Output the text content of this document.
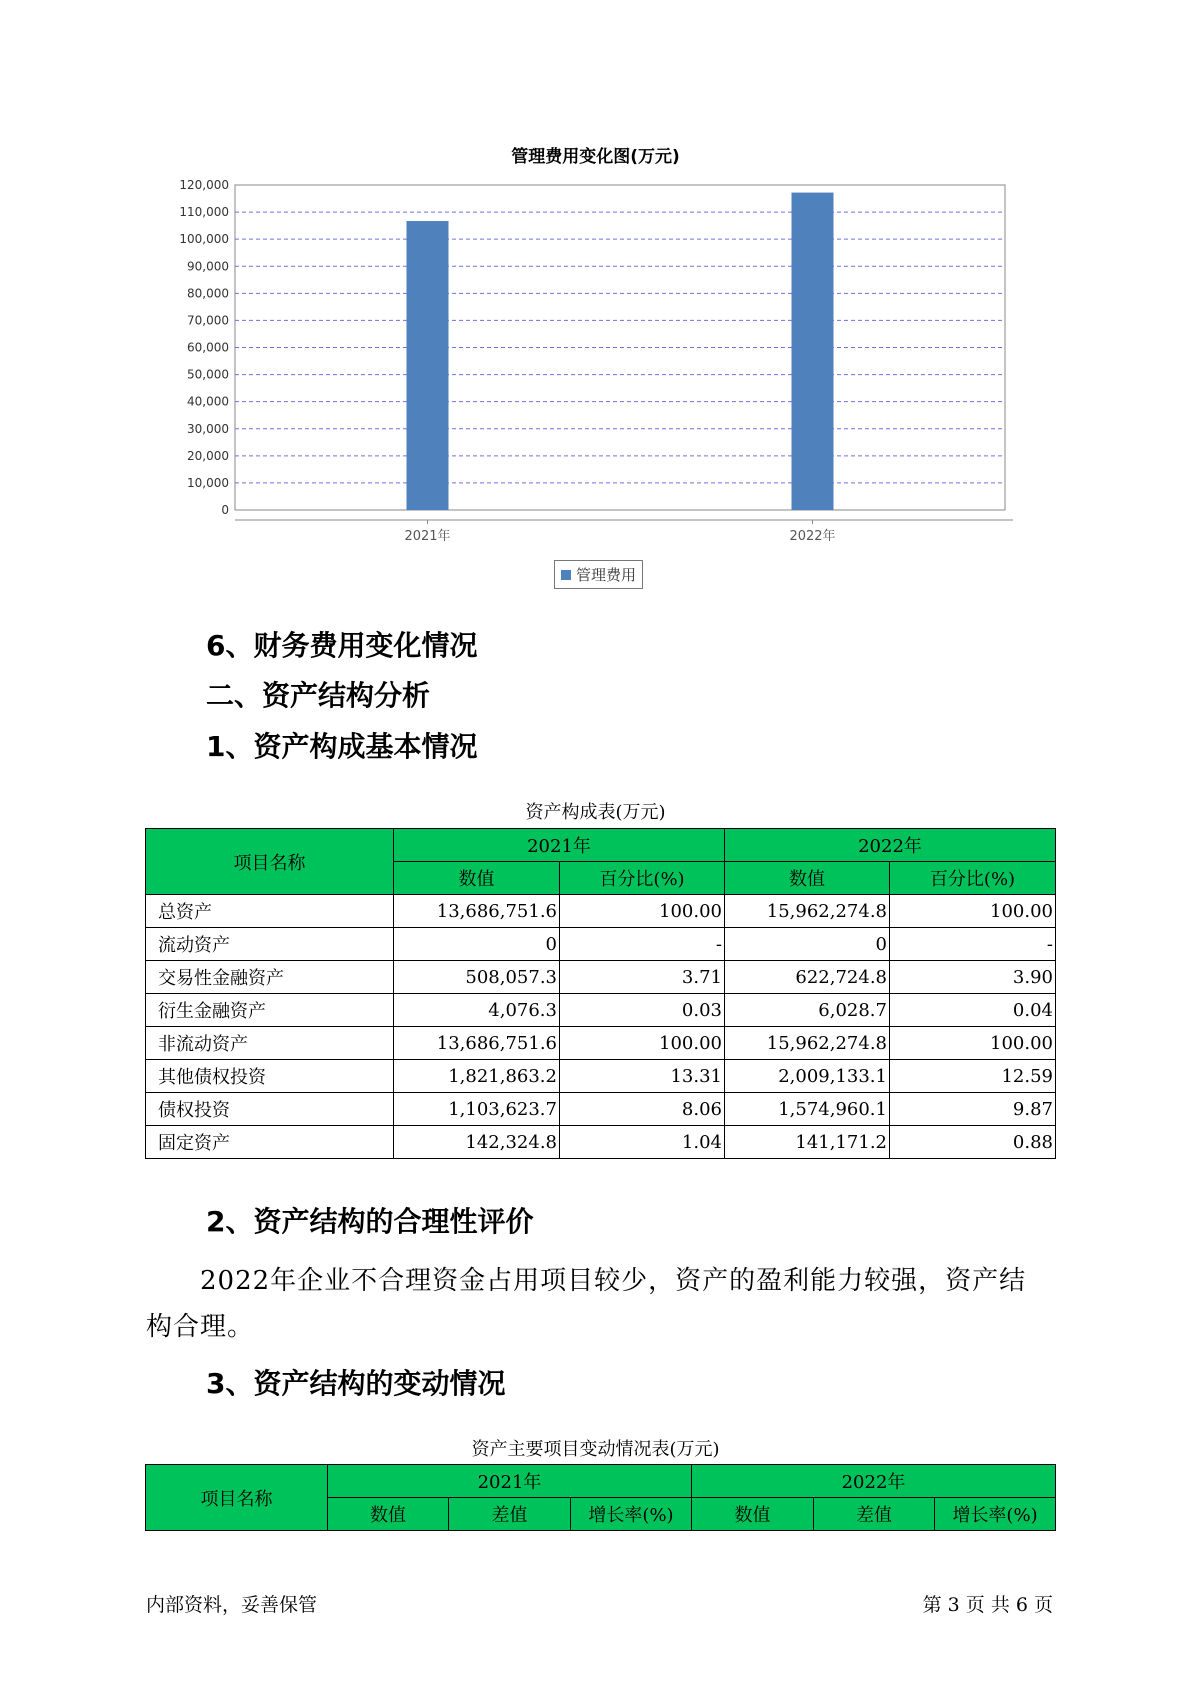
管理费用变化图(万元)
0
10,000
20,000
30,000
40,000
50,000
60,000
70,000
80,000
90,000
100,000
110,000
120,000
2021年	2022年
管理费用
6、财务费用变化情况
二、资产结构分析
1、资产构成基本情况
资产构成表(万元)
项目名称	2021年		2022年	
	数值	百分比(%)	数值	百分比(%)
总资产	13,686,751.6	100.00	15,962,274.8	100.00
流动资产	0	-	0	-
交易性金融资产	508,057.3	3.71	622,724.8	3.90
衍生金融资产	4,076.3	0.03	6,028.7	0.04
非流动资产	13,686,751.6	100.00	15,962,274.8	100.00
其他债权投资	1,821,863.2	13.31	2,009,133.1	12.59
债权投资	1,103,623.7	8.06	1,574,960.1	9.87
固定资产	142,324.8	1.04	141,171.2	0.88
2、资产结构的合理性评价
2022年企业不合理资金占用项目较少，资产的盈利能力较强，资产结构合理。
3、资产结构的变动情况
资产主要项目变动情况表(万元)
项目名称	2021年			2022年		
	数值	差值	增长率(%)	数值	差值	增长率(%)
内部资料，妥善保管	第 3 页 共 6 页
